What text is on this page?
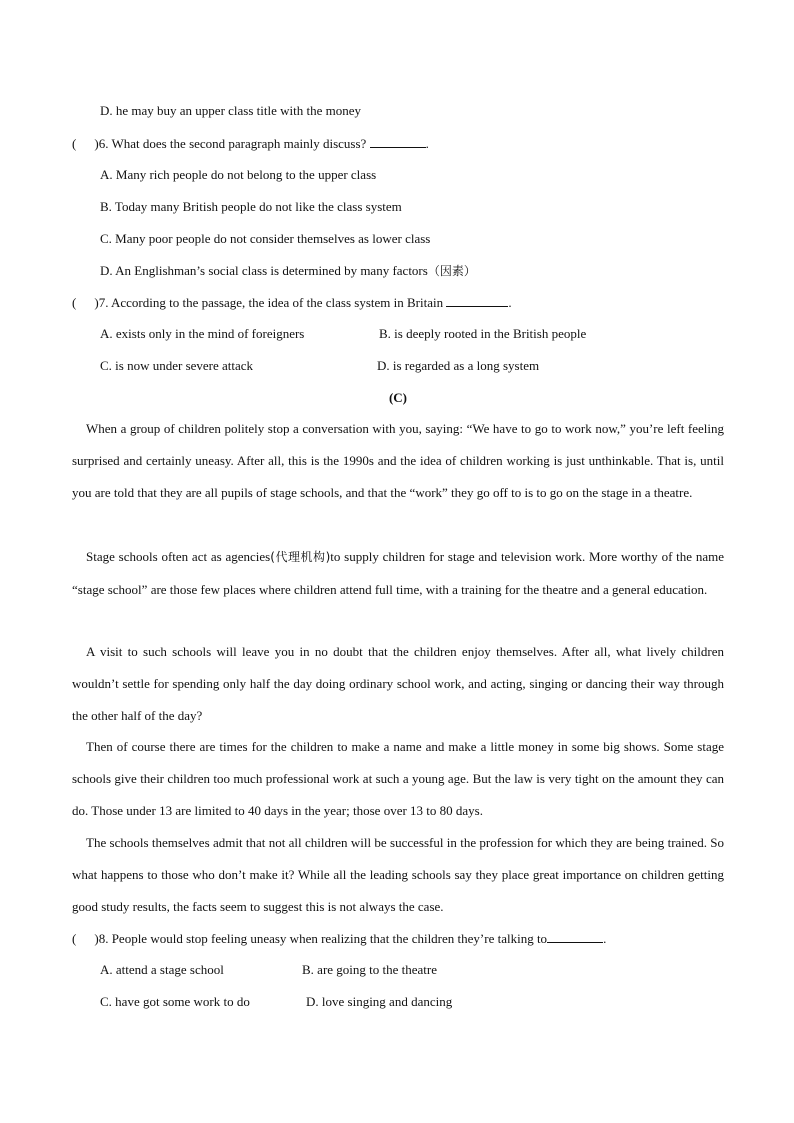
D. he may buy an upper class title with the money
( )6. What does the second paragraph mainly discuss?	.
A. Many rich people do not belong to the upper class
B. Today many British people do not like the class system
C. Many poor people do not consider themselves as lower class
D. An Englishman’s social class is determined by many factors（因素）
( )7. According to the passage, the idea of the class system in Britain	.
A. exists only in the mind of foreigners	B. is deeply rooted in the British people
C. is now under severe attack	D. is regarded as a long system
(C)

When a group of children politely stop a conversation with you, saying: “We have to go to work now,” you’re left feeling surprised and certainly uneasy. After all, this is the 1990s and the idea of children working is just unthinkable. That is, until you are told that they are all pupils of stage schools, and that the “work” they go off to is to go on the stage in a theatre.

Stage schools often act as agencies(代理机构)to supply children for stage and television work. More worthy of the name “stage school” are those few places where children attend full time, with a training for the theatre and a general education.

A visit to such schools will leave you in no doubt that the children enjoy themselves. After all, what lively children wouldn’t settle for spending only half the day doing ordinary school work, and acting, singing or dancing their way through the other half of the day?

Then of course there are times for the children to make a name and make a little money in some big shows. Some stage schools give their children too much professional work at such a young age. But the law is very tight on the amount they can do. Those under 13 are limited to 40 days in the year; those over 13 to 80 days.

The schools themselves admit that not all children will be successful in the profession for which they are being trained. So what happens to those who don’t make it? While all the leading schools say they place great importance on children getting good study results, the facts seem to suggest this is not always the case.

( )8. People would stop feeling uneasy when realizing that the children they’re talking to	.
A. attend a stage school	B. are going to the theatre
C. have got some work to do	D. love singing and dancing
